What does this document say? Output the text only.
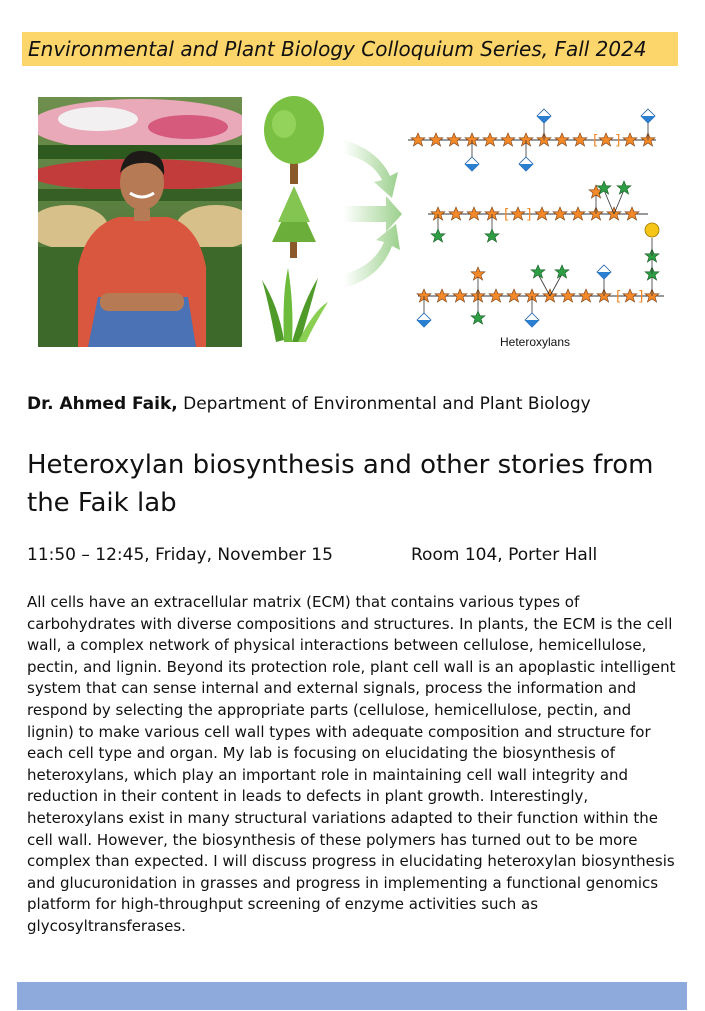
Environmental and Plant Biology Colloquium Series, Fall 2024
[ ]
[ ]
[ ]
Heteroxylans
Dr. Ahmed Faik, Department of Environmental and Plant Biology
Heteroxylan biosynthesis and other stories from the Faik lab
11:50 – 12:45, Friday, November 15	Room 104, Porter Hall

All cells have an extracellular matrix (ECM) that contains various types of carbohydrates with diverse compositions and structures. In plants, the ECM is the cell wall, a complex network of physical interactions between cellulose, hemicellulose, pectin, and lignin. Beyond its protection role, plant cell wall is an apoplastic intelligent system that can sense internal and external signals, process the information and respond by selecting the appropriate parts (cellulose, hemicellulose, pectin, and lignin) to make various cell wall types with adequate composition and structure for each cell type and organ. My lab is focusing on elucidating the biosynthesis of heteroxylans, which play an important role in maintaining cell wall integrity and reduction in their content in leads to defects in plant growth. Interestingly, heteroxylans exist in many structural variations adapted to their function within the cell wall. However, the biosynthesis of these polymers has turned out to be more complex than expected. I will discuss progress in elucidating heteroxylan biosynthesis and glucuronidation in grasses and progress in implementing a functional genomics platform for high-throughput screening of enzyme activities such as glycosyltransferases.
